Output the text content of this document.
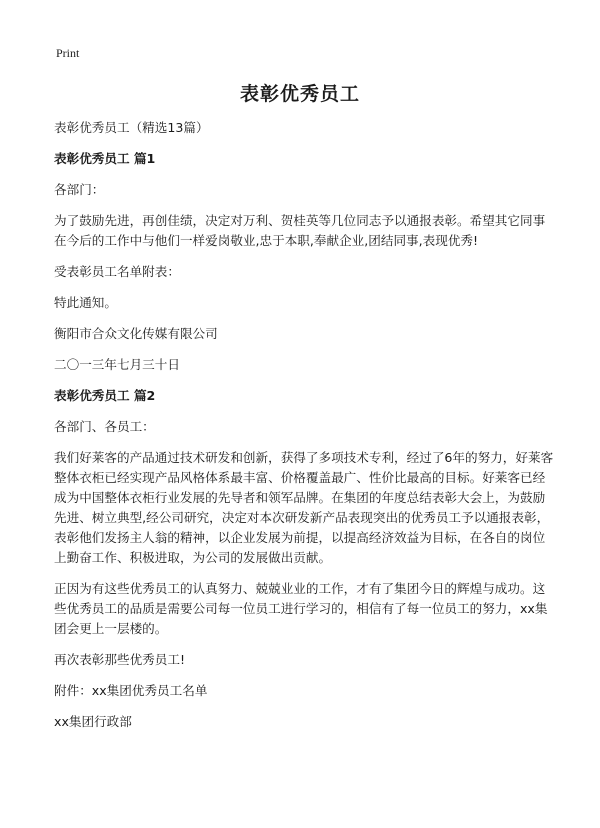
Print
表彰优秀员工

表彰优秀员工（精选13篇）

表彰优秀员工 篇1

各部门：

为了鼓励先进，再创佳绩，决定对万利、贺桂英等几位同志予以通报表彰。希望其它同事在今后的工作中与他们一样爱岗敬业,忠于本职,奉献企业,团结同事,表现优秀!

受表彰员工名单附表：

特此通知。

衡阳市合众文化传媒有限公司

二〇一三年七月三十日

表彰优秀员工 篇2

各部门、各员工：

我们好莱客的产品通过技术研发和创新，获得了多项技术专利，经过了6年的努力，好莱客整体衣柜已经实现产品风格体系最丰富、价格覆盖最广、性价比最高的目标。好莱客已经成为中国整体衣柜行业发展的先导者和领军品牌。在集团的年度总结表彰大会上，为鼓励先进、树立典型,经公司研究，决定对本次研发新产品表现突出的优秀员工予以通报表彰，表彰他们发扬主人翁的精神，以企业发展为前提，以提高经济效益为目标，在各自的岗位上勤奋工作、积极进取，为公司的发展做出贡献。

正因为有这些优秀员工的认真努力、兢兢业业的工作，才有了集团今日的辉煌与成功。这些优秀员工的品质是需要公司每一位员工进行学习的，相信有了每一位员工的努力，xx集团会更上一层楼的。

再次表彰那些优秀员工!

附件：xx集团优秀员工名单

xx集团行政部
